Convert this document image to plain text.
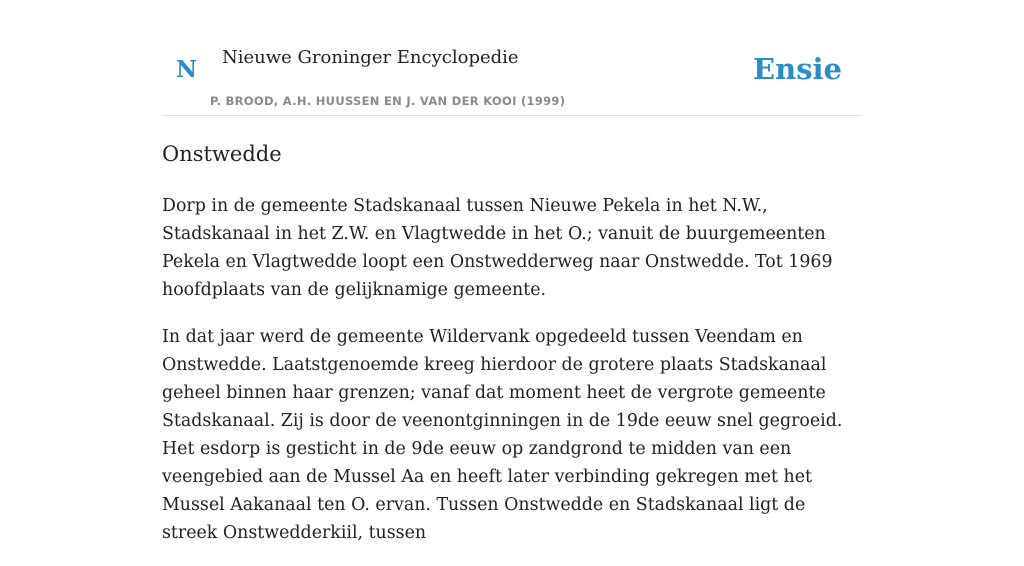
N Nieuwe Groninger Encyclopedie
P. BROOD, A.H. HUUSSEN EN J. VAN DER KOOI (1999)
Ensie
Onstwedde

Dorp in de gemeente Stadskanaal tussen Nieuwe Pekela in het N.W., Stadskanaal in het Z.W. en Vlagtwedde in het O.; vanuit de buurgemeenten Pekela en Vlagtwedde loopt een Onstwedderweg naar Onstwedde. Tot 1969 hoofdplaats van de gelijknamige gemeente.

In dat jaar werd de gemeente Wildervank opgedeeld tussen Veendam en Onstwedde. Laatstgenoemde kreeg hierdoor de grotere plaats Stadskanaal geheel binnen haar grenzen; vanaf dat moment heet de vergrote gemeente Stadskanaal. Zij is door de veenontginningen in de 19de eeuw snel gegroeid. Het esdorp is gesticht in de 9de eeuw op zandgrond te midden van een veengebied aan de Mussel Aa en heeft later verbinding gekregen met het Mussel Aakanaal ten O. ervan. Tussen Onstwedde en Stadskanaal ligt de streek Onstwedderkiil, tussen
